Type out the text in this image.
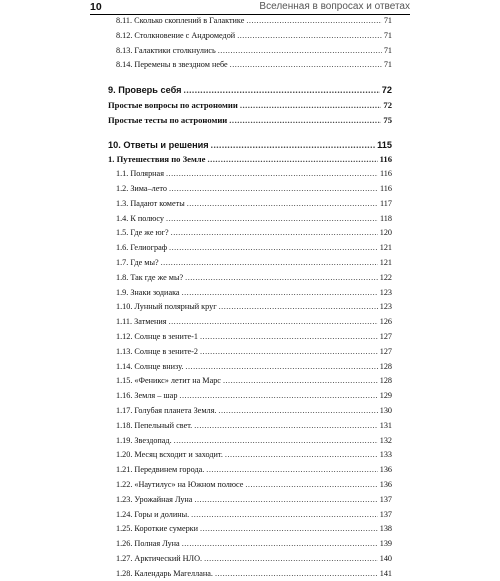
10	Вселенная в вопросах и ответах
8.11. Сколько скоплений в Галактике .....	71
8.12. Столкновение с Андромедой .....	71
8.13. Галактики столкнулись .....	71
8.14. Перемены в звездном небе .....	71
9. Проверь себя .....	72
Простые вопросы по астрономии .....	72
Простые тесты по астрономии .....	75
10. Ответы и решения .....	115
1. Путешествия по Земле .....	116
1.1. Полярная .....	116
1.2. Зима–лето .....	116
1.3. Падают кометы .....	117
1.4. К полюсу .....	118
1.5. Где же юг? .....	120
1.6. Гелиограф .....	121
1.7. Где мы? .....	121
1.8. Так где же мы? .....	122
1.9. Знаки зодиака .....	123
1.10. Лунный полярный круг .....	123
1.11. Затмения .....	126
1.12. Солнце в зените-1 .....	127
1.13. Солнце в зените-2 .....	127
1.14. Солнце внизу. .....	128
1.15. «Феникс» летит на Марс .....	128
1.16. Земля – шар .....	129
1.17. Голубая планета Земля. .....	130
1.18. Пепельный свет. .....	131
1.19. Звездопад. .....	132
1.20. Месяц всходит и заходит. .....	133
1.21. Передвинем города. .....	136
1.22. «Наутилус» на Южном полюсе .....	136
1.23. Урожайная Луна .....	137
1.24. Горы и долины. .....	137
1.25. Короткие сумерки .....	138
1.26. Полная Луна .....	139
1.27. Арктический НЛО. .....	140
1.28. Календарь Магеллана. .....	141
